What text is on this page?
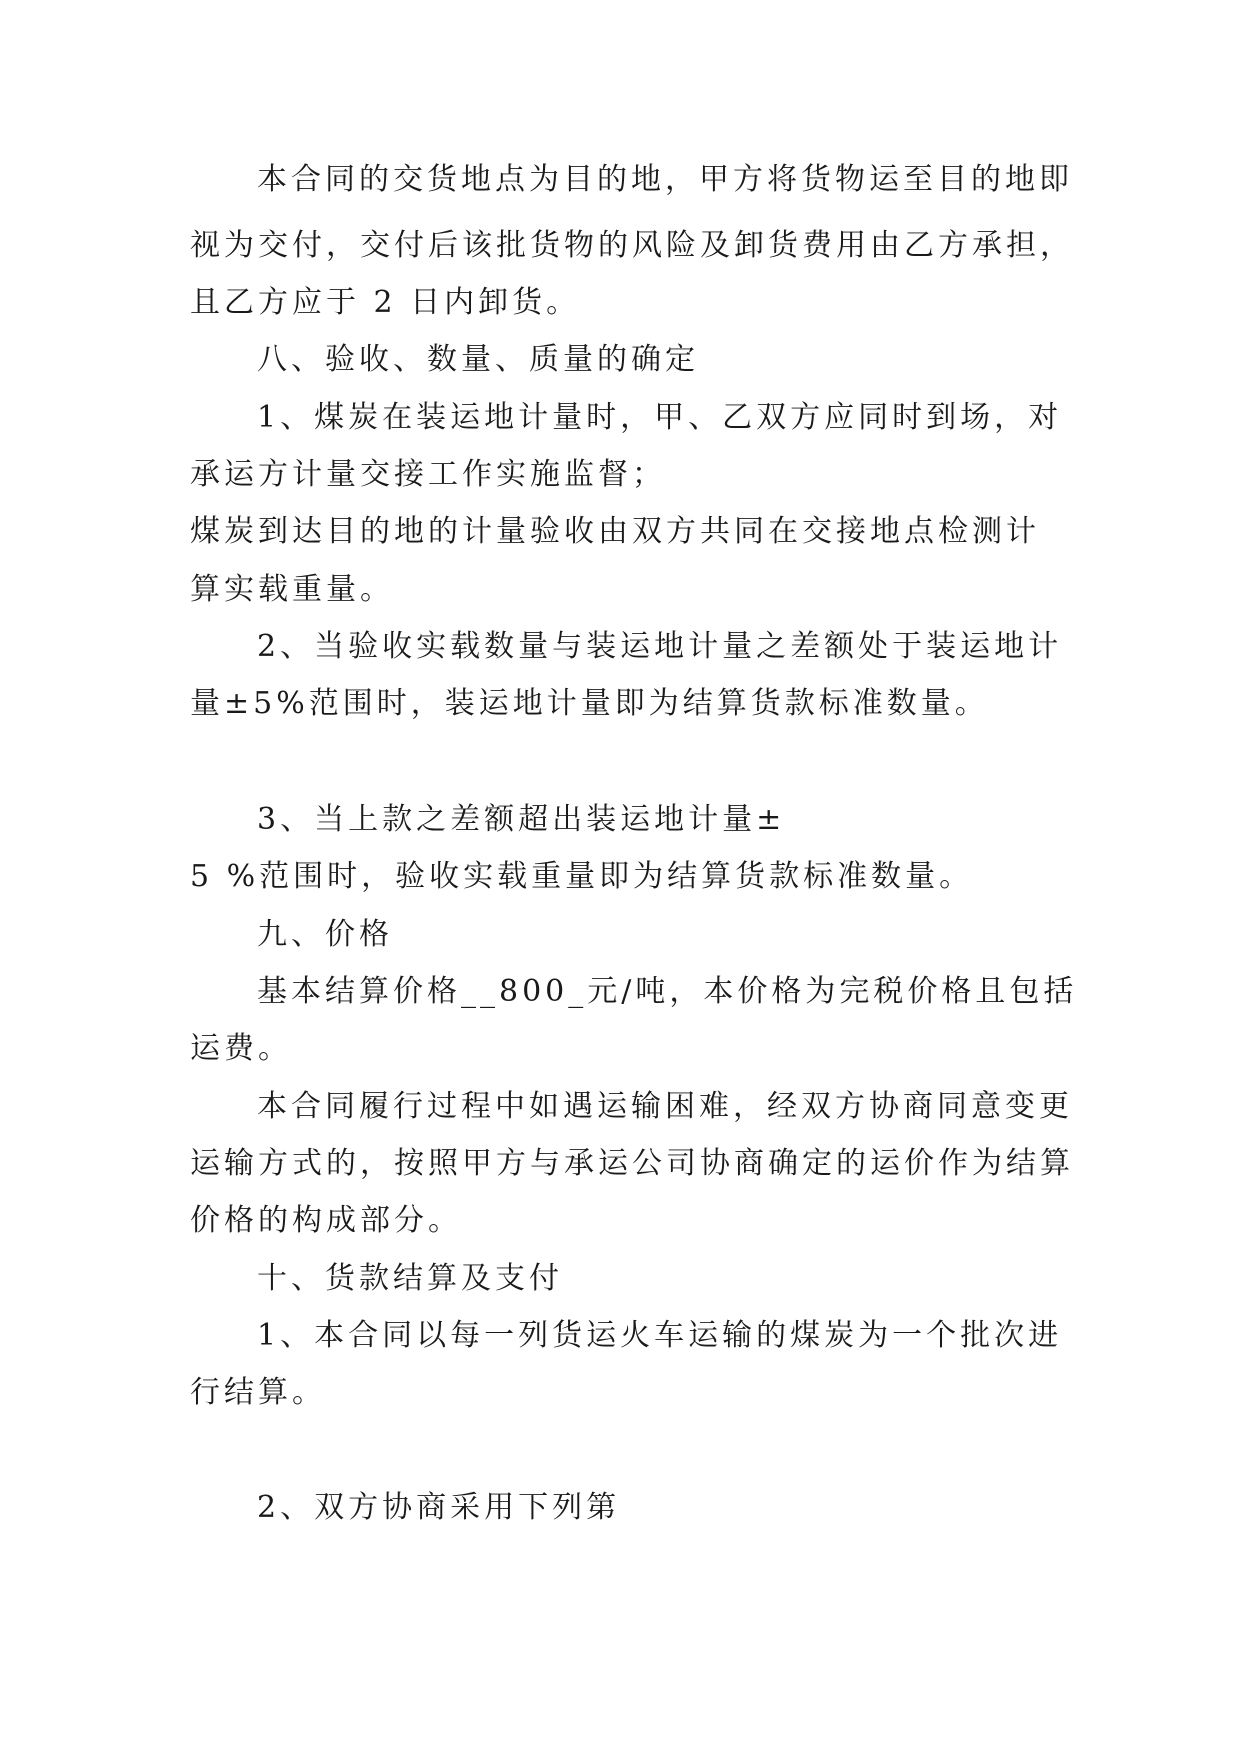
本合同的交货地点为目的地，甲方将货物运至目的地即
视为交付，交付后该批货物的风险及卸货费用由乙方承担，
且乙方应于 2 日内卸货。
八、验收、数量、质量的确定
1、煤炭在装运地计量时，甲、乙双方应同时到场，对
承运方计量交接工作实施监督；
煤炭到达目的地的计量验收由双方共同在交接地点检测计
算实载重量。
2、当验收实载数量与装运地计量之差额处于装运地计
量±5%范围时，装运地计量即为结算货款标准数量。
3、当上款之差额超出装运地计量±
5 %范围时，验收实载重量即为结算货款标准数量。
九、价格
基本结算价格__800_元/吨，本价格为完税价格且包括
运费。
本合同履行过程中如遇运输困难，经双方协商同意变更
运输方式的，按照甲方与承运公司协商确定的运价作为结算
价格的构成部分。
十、货款结算及支付
1、本合同以每一列货运火车运输的煤炭为一个批次进
行结算。
2、双方协商采用下列第
